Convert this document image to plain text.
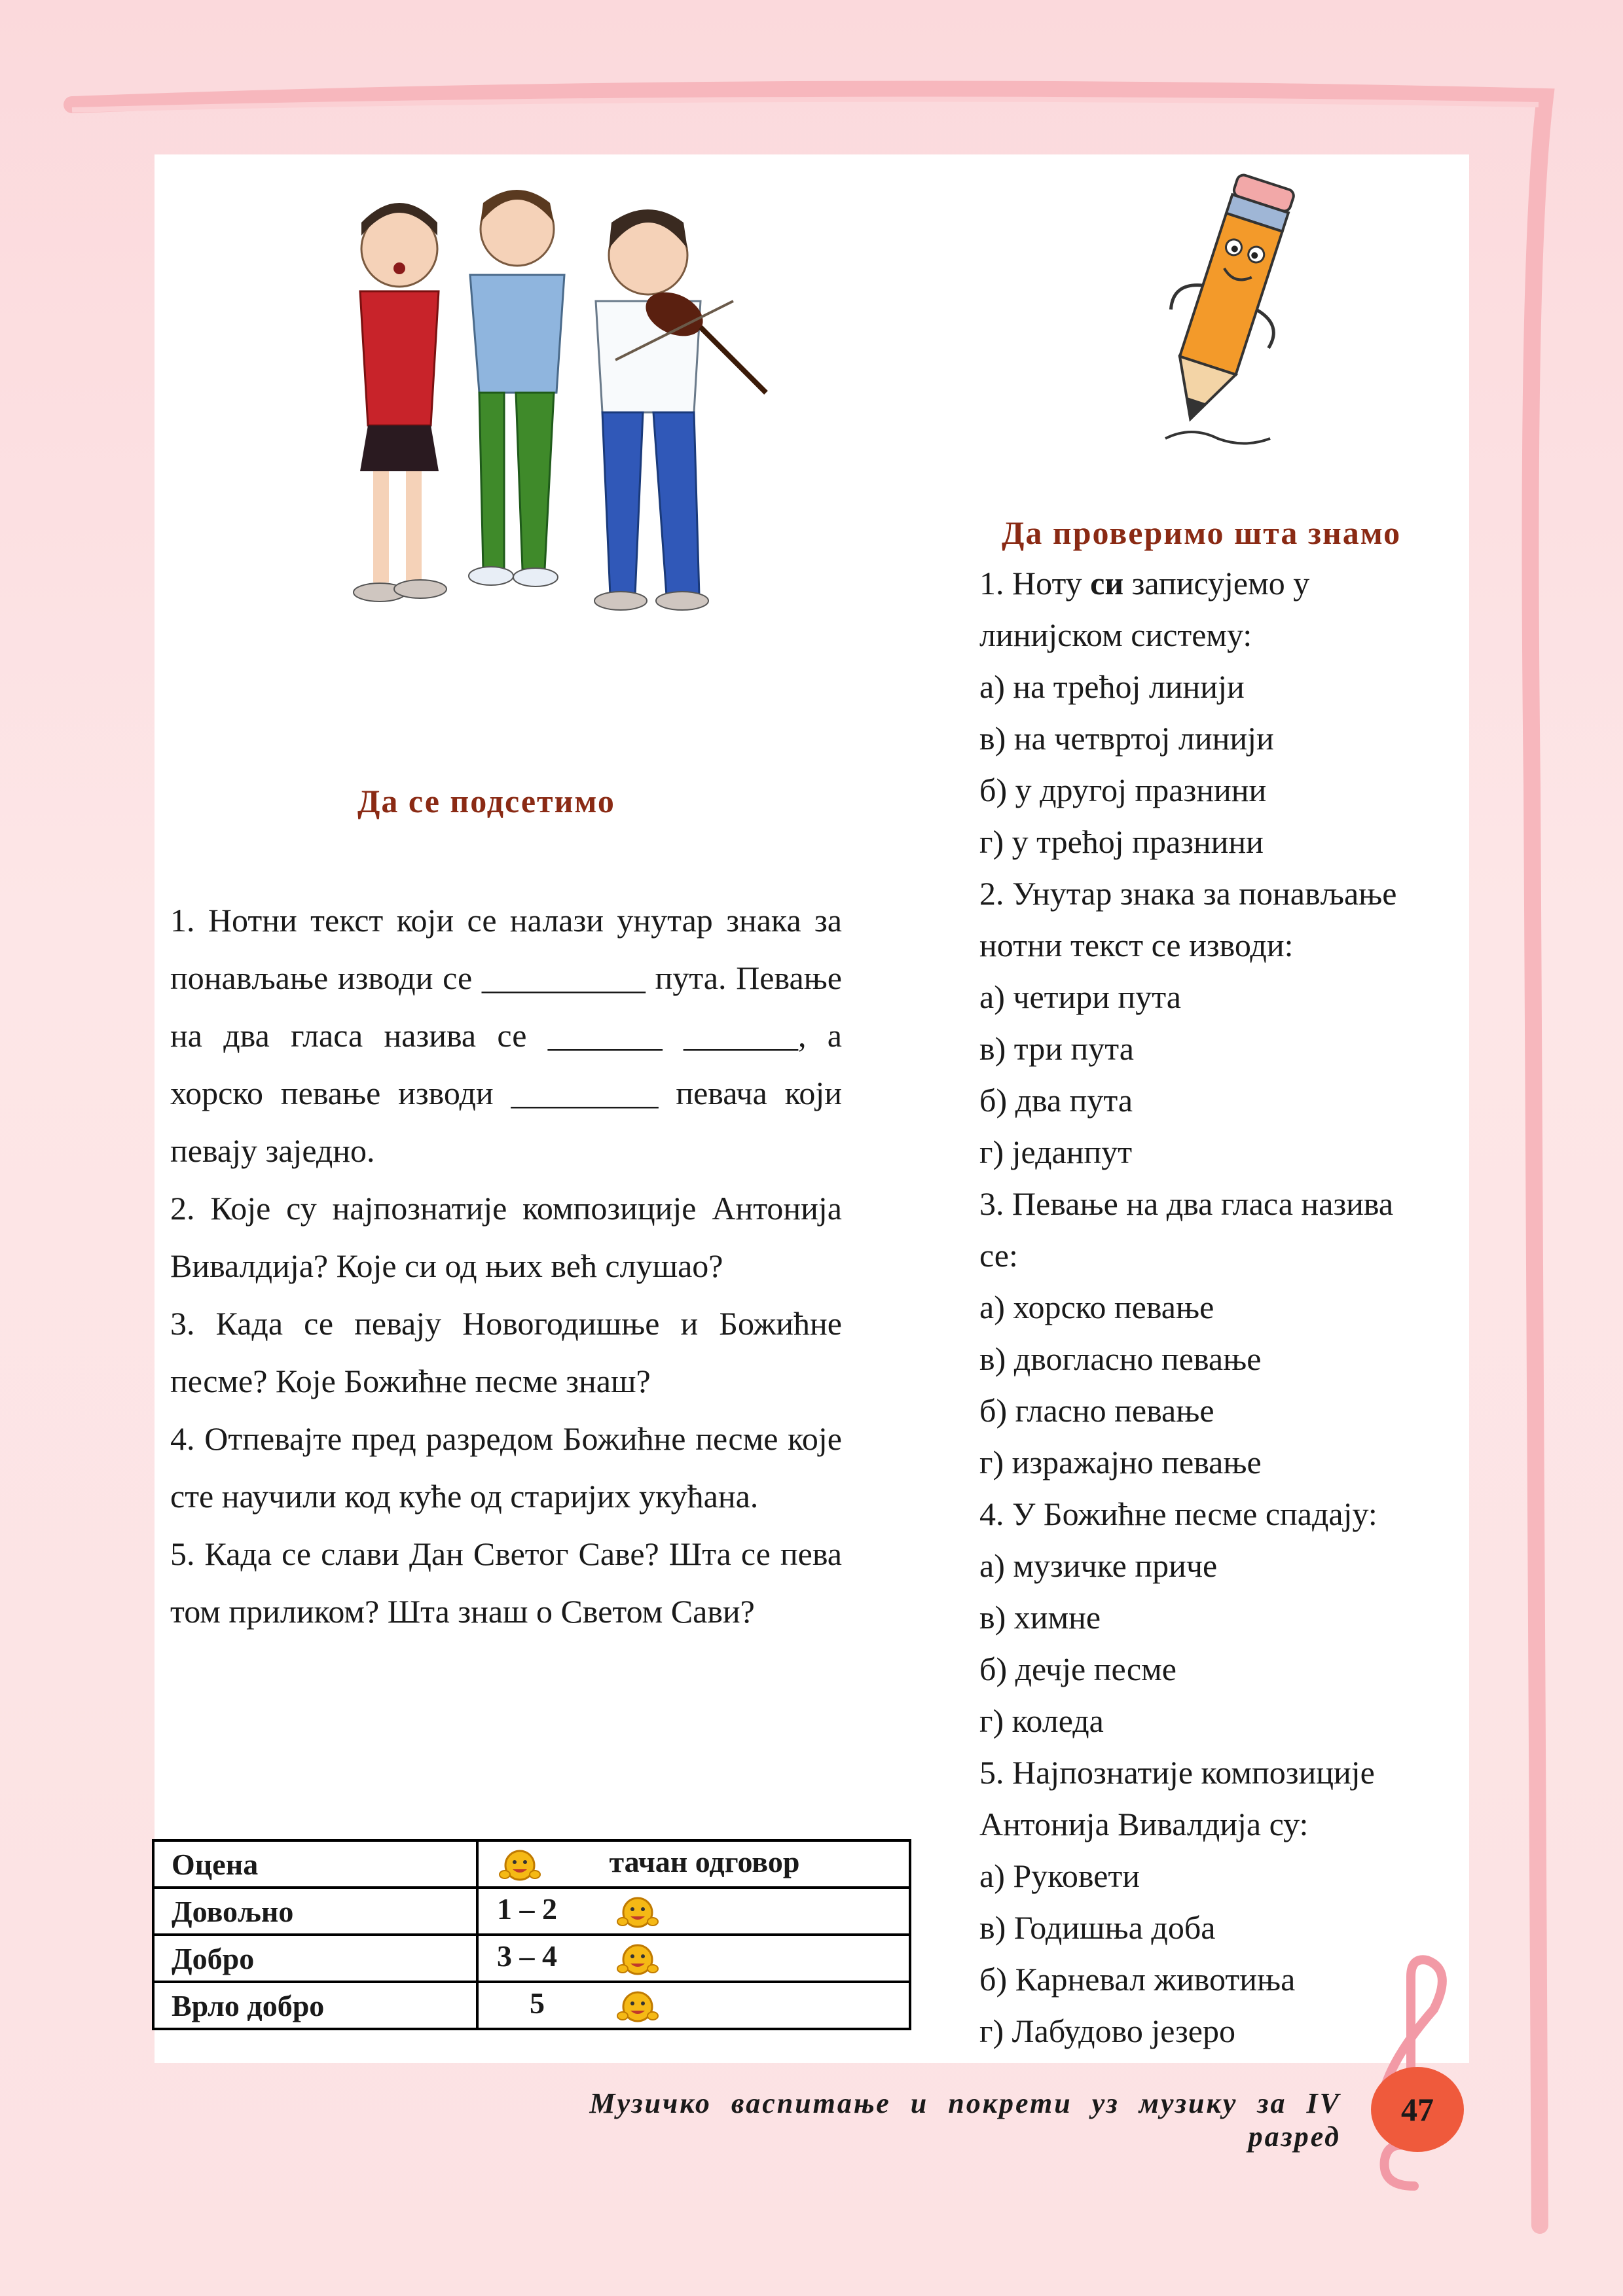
Да се подсетимо

1. Нотни текст који се налази унутар знака за понављање изводи се __________ пута. Певање на два гласа назива се _______ _______, а хорско певање изводи _________ певача који певају заједно.

2. Које су најпознатије композиције Антонија Вивалдија? Које си од њих већ слушао?

3. Када се певају Новогодишње и Божићне песме? Које Божићне песме знаш?

4. Отпевајте пред разредом Божићне песме које сте научили код куће од старијих укућана.

5. Када се слави Дан Светог Саве? Шта се пева том приликом? Шта знаш о Светом Сави?

Да проверимо шта знамо
1. Ноту си записујемо у
линијском систему:
а) на трећој линији
в) на четвртој линији
б) у другој празнини
г) у трећој празнини
2. Унутар знака за понављање
нотни текст се изводи:
а) четири пута
в) три пута
б) два пута
г) једанпут
3. Певање на два гласа назива
се:
а) хорско певање
в) двогласно певање
б) гласно певање
г) изражајно певање
4. У Божићне песме спадају:
а) музичке приче
в) химне
б) дечје песме
г) коледа
5. Најпознатије композиције
Антонија Вивалдија су:
а) Руковети
в) Годишња доба
б) Карневал животиња
г) Лабудово језеро
Оцена	тачан одговор
Довољно	1 – 2
Добро	3 – 4
Врло добро	5
Музичко васпитање и покрети уз музику за IV разред
47
